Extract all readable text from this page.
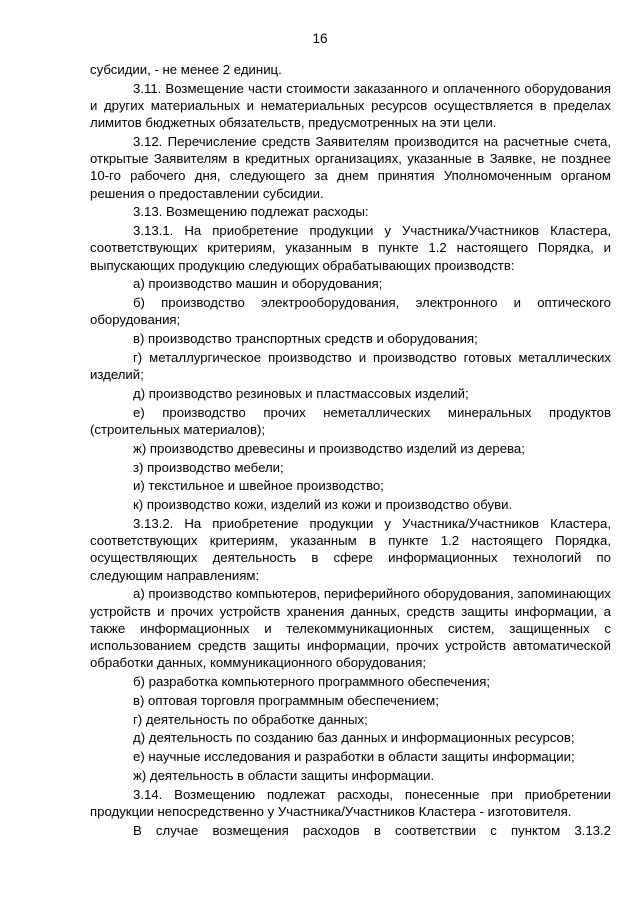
16

субсидии, - не менее 2 единиц.

3.11. Возмещение части стоимости заказанного и оплаченного оборудования и других материальных и нематериальных ресурсов осуществляется в пределах лимитов бюджетных обязательств, предусмотренных на эти цели.

3.12. Перечисление средств Заявителям производится на расчетные счета, открытые Заявителям в кредитных организациях, указанные в Заявке, не позднее 10-го рабочего дня, следующего за днем принятия Уполномоченным органом решения о предоставлении субсидии.

3.13. Возмещению подлежат расходы:

3.13.1. На приобретение продукции у Участника/Участников Кластера, соответствующих критериям, указанным в пункте 1.2 настоящего Порядка, и выпускающих продукцию следующих обрабатывающих производств:

а) производство машин и оборудования;

б) производство электрооборудования, электронного и оптического оборудования;

в) производство транспортных средств и оборудования;

г) металлургическое производство и производство готовых металлических изделий;

д) производство резиновых и пластмассовых изделий;

е) производство прочих неметаллических минеральных продуктов (строительных материалов);

ж) производство древесины и производство изделий из дерева;

з) производство мебели;

и) текстильное и швейное производство;

к) производство кожи, изделий из кожи и производство обуви.

3.13.2. На приобретение продукции у Участника/Участников Кластера, соответствующих критериям, указанным в пункте 1.2 настоящего Порядка, осуществляющих деятельность в сфере информационных технологий по следующим направлениям:

а) производство компьютеров, периферийного оборудования, запоминающих устройств и прочих устройств хранения данных, средств защиты информации, а также информационных и телекоммуникационных систем, защищенных с использованием средств защиты информации, прочих устройств автоматической обработки данных, коммуникационного оборудования;

б) разработка компьютерного программного обеспечения;

в) оптовая торговля программным обеспечением;

г) деятельность по обработке данных;

д) деятельность по созданию баз данных и информационных ресурсов;

е) научные исследования и разработки в области защиты информации;

ж) деятельность в области защиты информации.

3.14. Возмещению подлежат расходы, понесенные при приобретении продукции непосредственно у Участника/Участников Кластера - изготовителя.

В случае возмещения расходов в соответствии с пунктом 3.13.2
